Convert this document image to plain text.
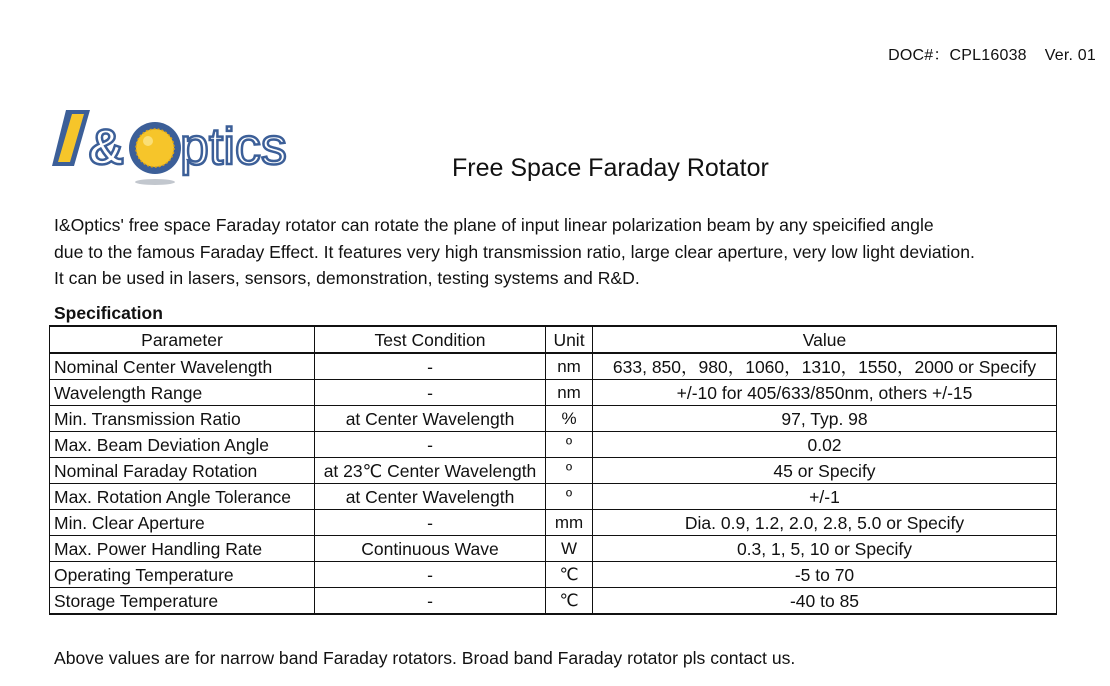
DOC#：CPL16038 Ver. 01
& ptics	Free Space Faraday Rotator

I&Optics' free space Faraday rotator can rotate the plane of input linear polarization beam by any speicified angle

due to the famous Faraday Effect. It features very high transmission ratio, large clear aperture, very low light deviation.

It can be used in lasers, sensors, demonstration, testing systems and R&D.

Specification
Parameter	Test Condition	Unit	Value
Nominal Center Wavelength	-	nm	633, 850，980，1060，1310，1550，2000 or Specify
Wavelength Range	-	nm	+/-10 for 405/633/850nm, others +/-15
Min. Transmission Ratio	at Center Wavelength	%	97, Typ. 98
Max. Beam Deviation Angle	-	º	0.02
Nominal Faraday Rotation	at 23℃ Center Wavelength	º	45 or Specify
Max. Rotation Angle Tolerance	at Center Wavelength	º	+/-1
Min. Clear Aperture	-	mm	Dia. 0.9, 1.2, 2.0, 2.8, 5.0 or Specify
Max. Power Handling Rate	Continuous Wave	W	0.3, 1, 5, 10 or Specify
Operating Temperature	-	℃	-5 to 70
Storage Temperature	-	℃	-40 to 85
Above values are for narrow band Faraday rotators. Broad band Faraday rotator pls contact us.
